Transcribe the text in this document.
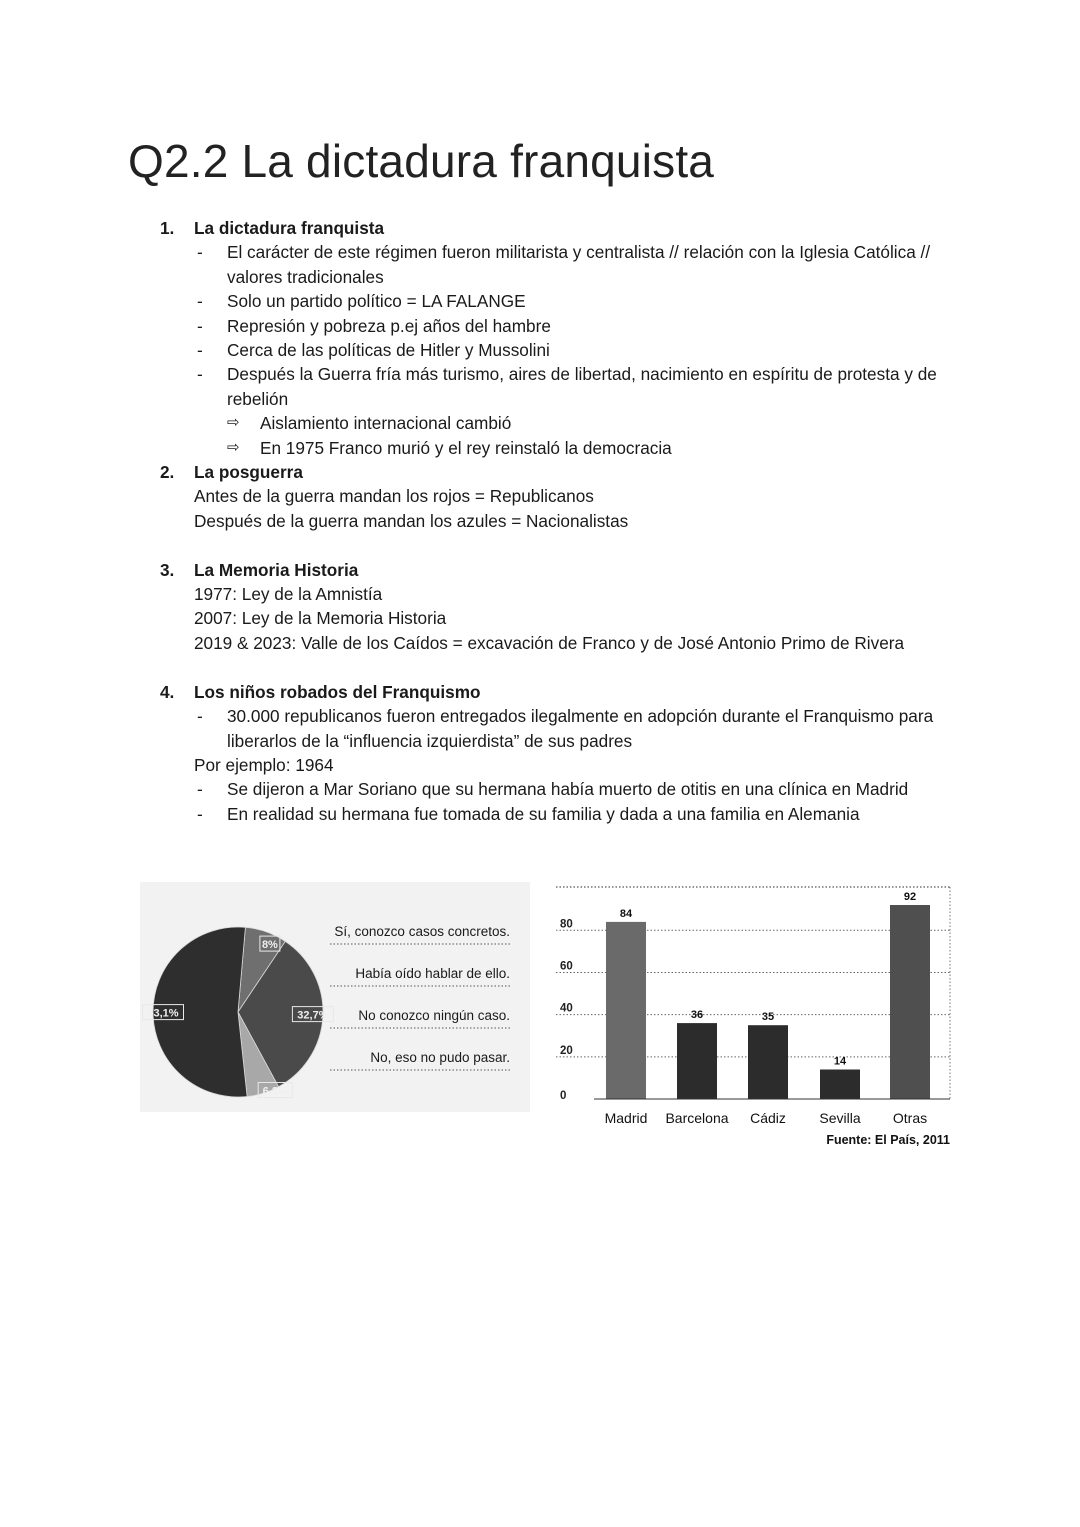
Q2.2 La dictadura franquista
1. La dictadura franquista
- El carácter de este régimen fueron militarista y centralista // relación con la Iglesia Católica // valores tradicionales
- Solo un partido político = LA FALANGE
- Represión y pobreza p.ej años del hambre
- Cerca de las políticas de Hitler y Mussolini
- Después la Guerra fría más turismo, aires de libertad, nacimiento en espíritu de protesta y de rebelión
⇨ Aislamiento internacional cambió
⇨ En 1975 Franco murió y el rey reinstaló la democracia
2. La posguerra
Antes de la guerra mandan los rojos = Republicanos
Después de la guerra mandan los azules = Nacionalistas
3. La Memoria Historia
1977: Ley de la Amnistía
2007: Ley de la Memoria Historia
2019 & 2023: Valle de los Caídos = excavación de Franco y de José Antonio Primo de Rivera
4. Los niños robados del Franquismo
- 30.000 republicanos fueron entregados ilegalmente en adopción durante el Franquismo para liberarlos de la “influencia izquierdista” de sus padres
Por ejemplo: 1964
- Se dijeron a Mar Soriano que su hermana había muerto de otitis en una clínica en Madrid
- En realidad su hermana fue tomada de su familia y dada a una familia en Alemania
8%
32,7%
6,2%
53,1%
Sí, conozco casos concretos.
Había oído hablar de ello.
No conozco ningún caso.
No, eso no pudo pasar.
0
20
40
60
80
84
Madrid
36
Barcelona
35
Cádiz
14
Sevilla
92
Otras
Fuente: El País, 2011
